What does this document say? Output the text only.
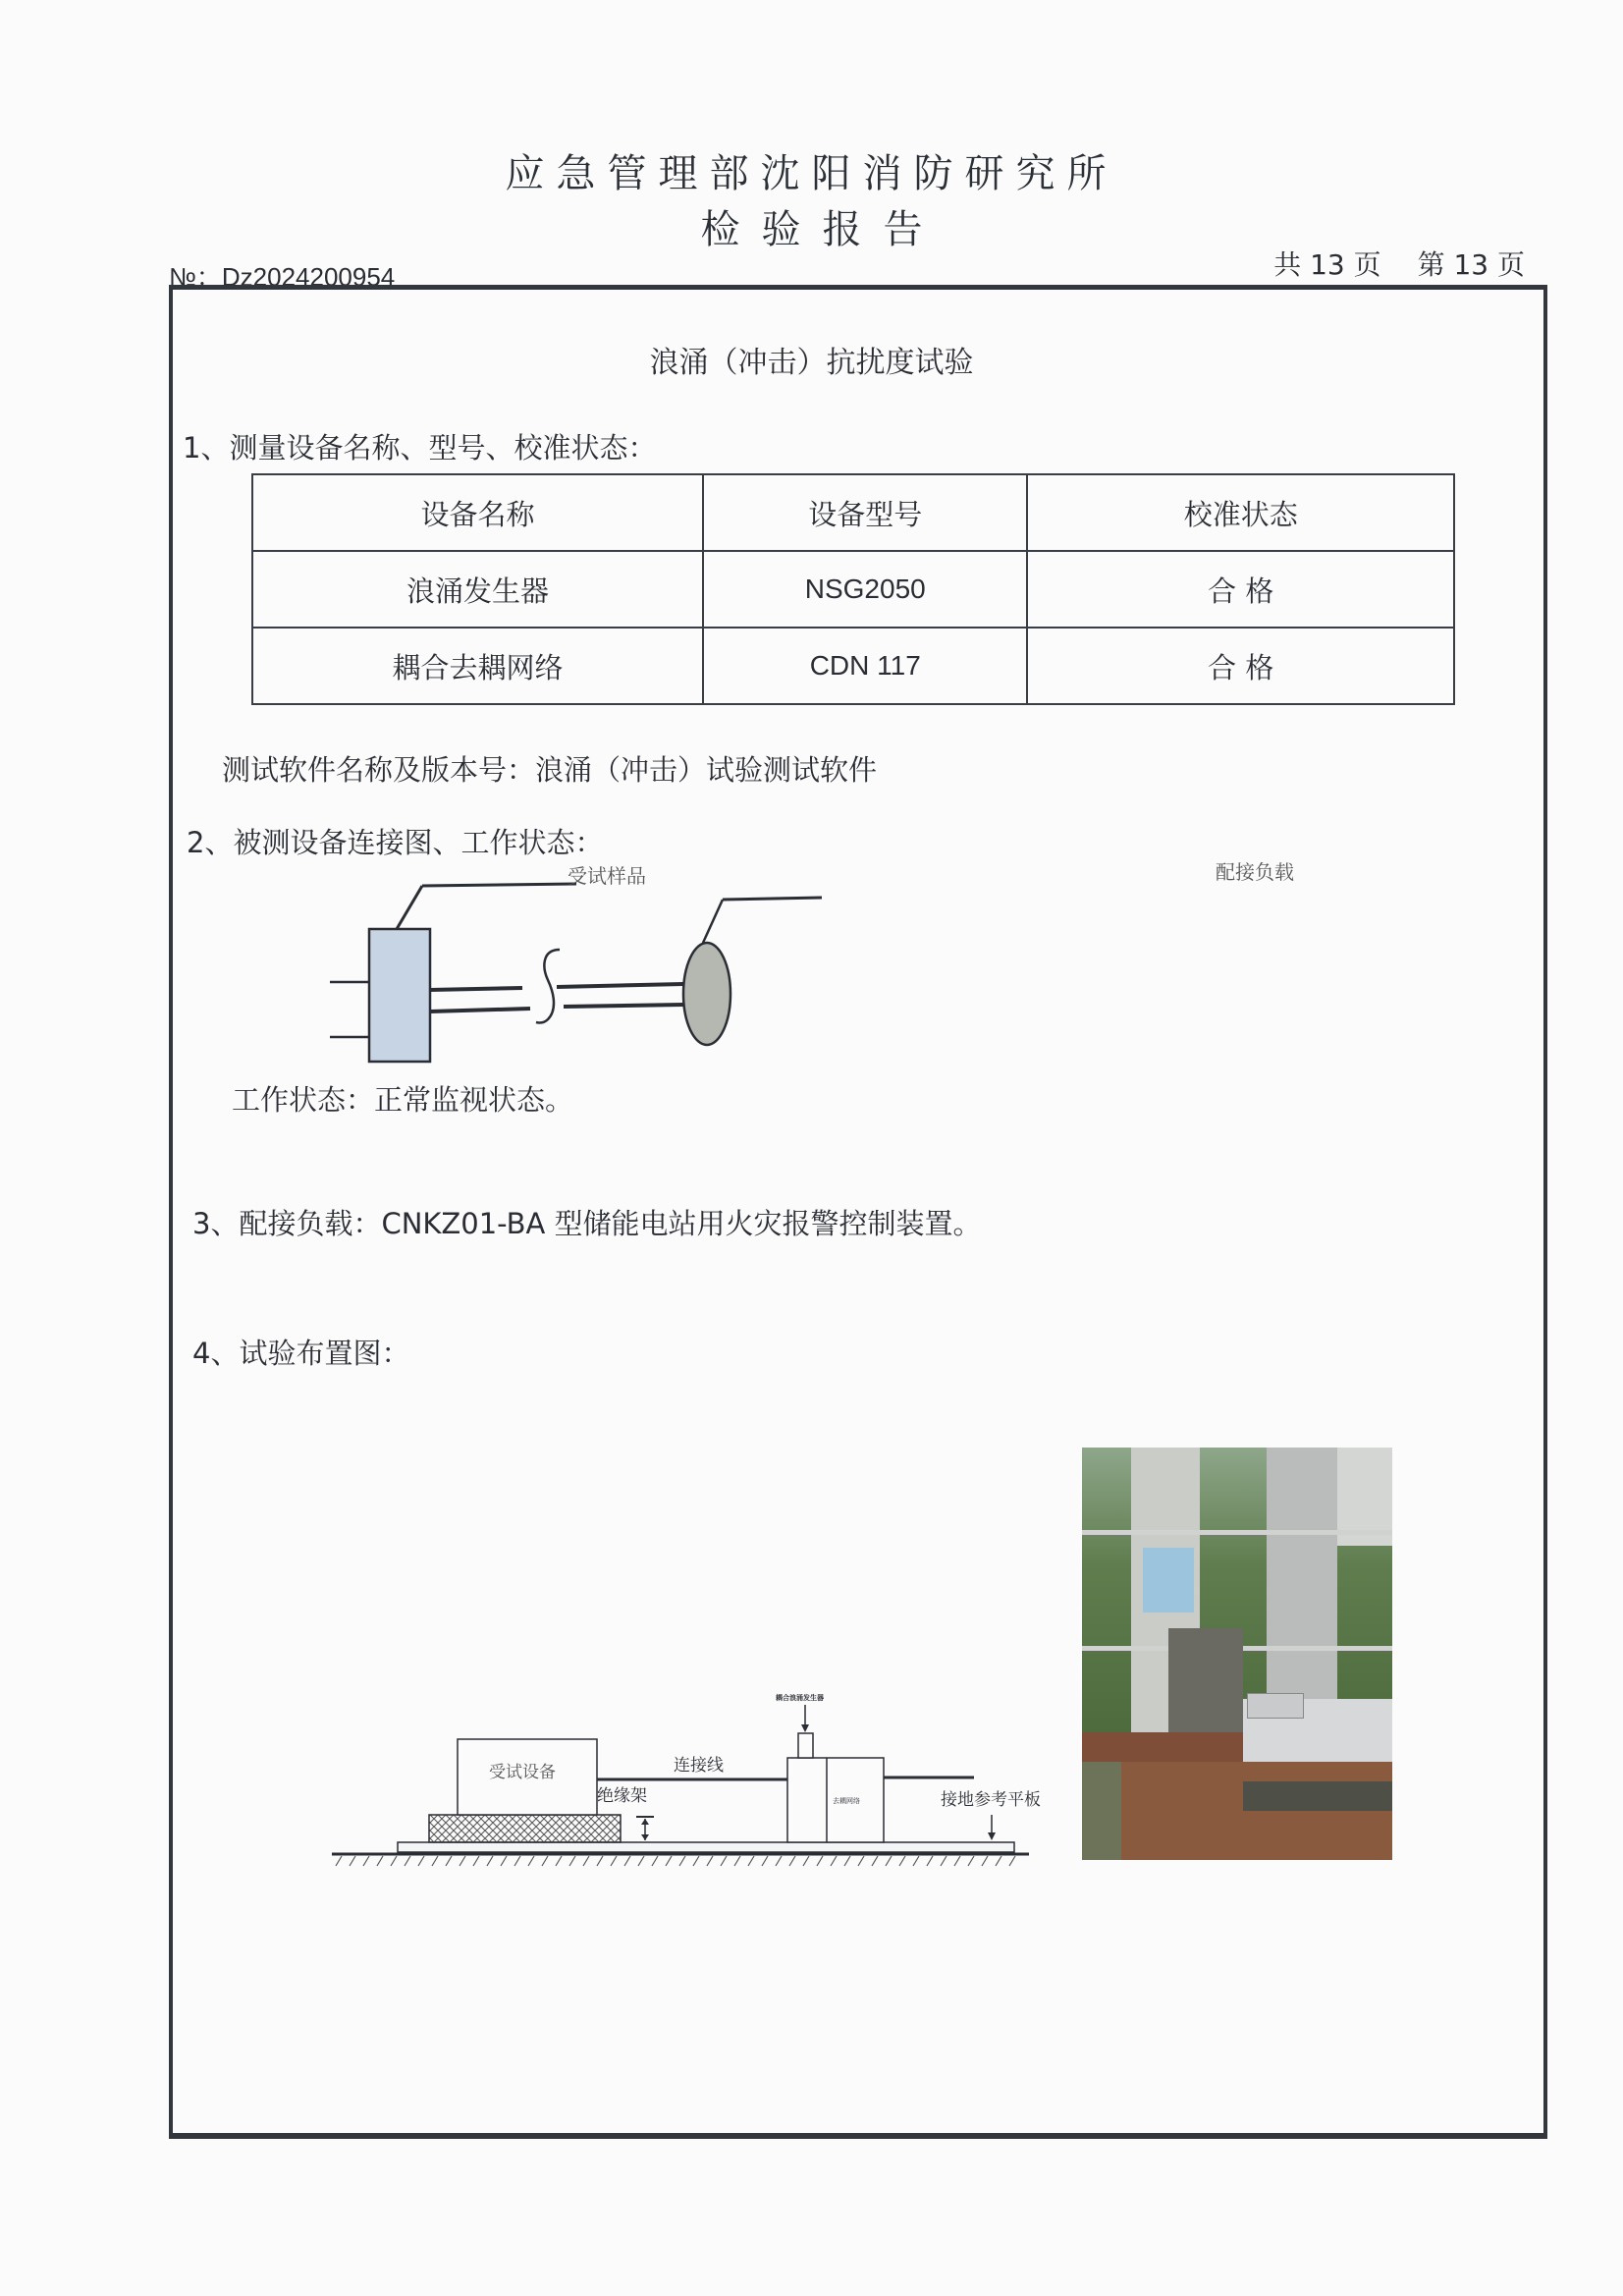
应急管理部沈阳消防研究所
检验报告
№：Dz2024200954	共 13 页 第 13 页
浪涌（冲击）抗扰度试验
1、测量设备名称、型号、校准状态：
设备名称	设备型号	校准状态
浪涌发生器	NSG2050	合 格
耦合去耦网络	CDN 117	合 格
测试软件名称及版本号：浪涌（冲击）试验测试软件
2、被测设备连接图、工作状态：
受试样品	配接负载
工作状态：正常监视状态。
3、配接负载：CNKZ01-BA 型储能电站用火灾报警控制装置。
4、试验布置图：
受试设备	连接线
绝缘架
耦合浪涌发生器
去耦网络	接地参考平板
